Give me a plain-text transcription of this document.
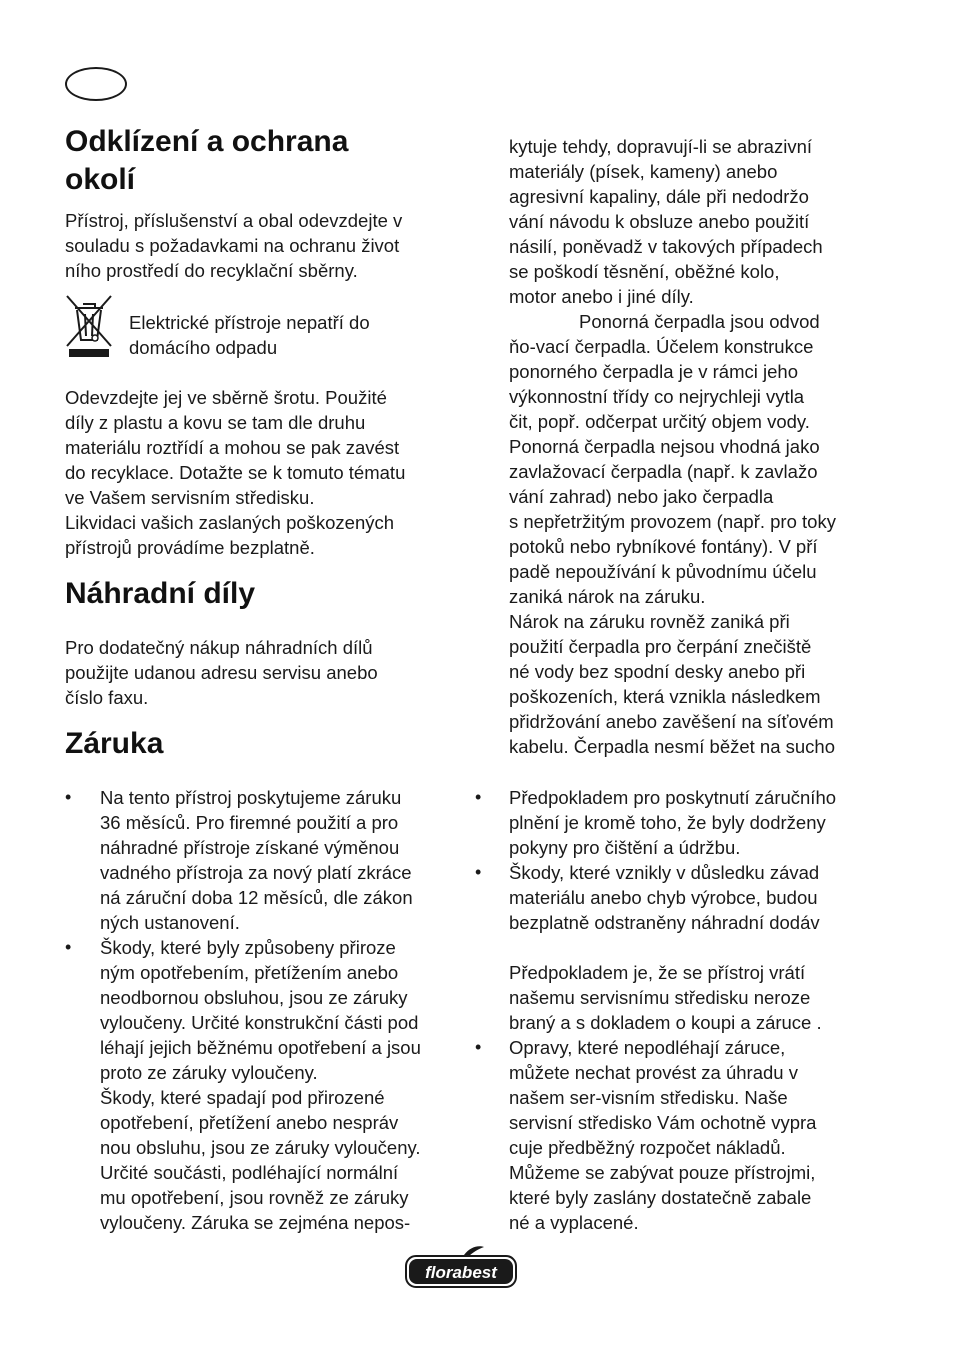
Odklízení a ochrana
okolí
Přístroj, příslušenství a obal odevzdejte v
souladu s požadavkami na ochranu život
ního prostředí do recyklační sběrny.
Elektrické přístroje nepatří do
domácího odpadu
Odevzdejte jej ve sběrně šrotu. Použité
díly z plastu a kovu se tam dle druhu
materiálu roztřídí a mohou se pak zavést
do recyklace. Dotažte se k tomuto tématu
ve Vašem servisním středisku.
Likvidaci vašich zaslaných poškozených
přístrojů provádíme bezplatně.
Náhradní díly
Pro dodatečný nákup náhradních dílů
použijte udanou adresu servisu anebo
číslo faxu.
Záruka
• Na tento přístroj poskytujeme záruku
36 měsíců. Pro firemné použití a pro
náhradné přístroje získané výměnou
vadného přístroja za nový platí zkráce
ná záruční doba 12 měsíců, dle zákon
ných ustanovení.
• Škody, které byly způsobeny přiroze
ným opotřebením, přetížením anebo
neodbornou obsluhou, jsou ze záruky
vyloučeny. Určité konstrukční části pod
léhají jejich běžnému opotřebení a jsou
proto ze záruky vyloučeny.
Škody, které spadají pod přirozené
opotřebení, přetížení anebo nespráv
nou obsluhu, jsou ze záruky vyloučeny.
Určité součásti, podléhající normální
mu opotřebení, jsou rovněž ze záruky
vyloučeny. Záruka se zejména nepos-
kytuje tehdy, dopravují-li se abrazivní
materiály (písek, kameny) anebo
agresivní kapaliny, dále při nedodržo
vání návodu k obsluze anebo použití
násilí, poněvadž v takových případech
se poškodí těsnění, oběžné kolo,
motor anebo i jiné díly.
Ponorná čerpadla jsou odvod
ňo-vací čerpadla. Účelem konstrukce
ponorného čerpadla je v rámci jeho
výkonnostní třídy co nejrychleji vytla
čit, popř. odčerpat určitý objem vody.
Ponorná čerpadla nejsou vhodná jako
zavlažovací čerpadla (např. k zavlažo
vání zahrad) nebo jako čerpadla
s nepřetržitým provozem (např. pro toky
potoků nebo rybníkové fontány). V pří
padě nepoužívání k původnímu účelu
zaniká nárok na záruku.
Nárok na záruku rovněž zaniká při
použití čerpadla pro čerpání znečiště
né vody bez spodní desky anebo při
poškozeních, která vznikla následkem
přidržování anebo zavěšení na síťovém
kabelu. Čerpadla nesmí běžet na sucho
• Předpokladem pro poskytnutí záručního
plnění je kromě toho, že byly dodrženy
pokyny pro čištění a údržbu.
• Škody, které vznikly v důsledku závad
materiálu anebo chyb výrobce, budou
bezplatně odstraněny náhradní dodáv
Předpokladem je, že se přístroj vrátí
našemu servisnímu středisku neroze
braný a s dokladem o koupi a záruce .
• Opravy, které nepodléhají záruce,
můžete nechat provést za úhradu v
našem ser-visním středisku. Naše
servisní středisko Vám ochotně vypra
cuje předběžný rozpočet nákladů.
Můžeme se zabývat pouze přístrojmi,
které byly zaslány dostatečně zabale
né a vyplacené.
florabest
